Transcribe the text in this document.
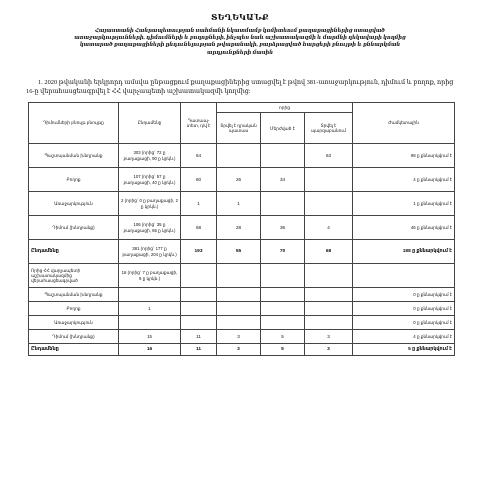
ՏԵՂԵԿԱՆՔ
Հայաստանի Հանրապետության սահմանի նկատմամբ կոմիտեում քաղաքացիներից ստացված առաջարկությունների, դիմումների և բողոքների, ինչպես նաև աշխատակազմի և մարմնի ղեկավարի կողմից կատարած քաղաքացիների ընդունելության թվաքանակի, բարձրացված հարցերի բնույթի և քննարկման արդյունքների մասին
1. 2020 թվականի երկրորդ ամսվա ընթացքում քաղաքացիներից ստացվել է թվով 381-առաջարկություն, դիմում և բողոք, որից 16-ը վերահասցեագրվել է ՀՀ վարչապետի աշխատակազմի կողմից:
Դիմումների բնույթ բնույթը	Ընդամենը	Դատապ-տետ, դ/վ է	որից			Ժամկետային
			Տրվել է դրական պատաս	Մերժված է	Տրվել է պարզաբանում	
Պաշտպանման խնդրանք	303 (որից` 72 ը բաղաքացի, 90 ը կրկն.)	64			63	98 ը քննարկվում է
Բողոք	107 (որից` 57 ը բաղաքացի, 40 ը կրկն.)	60	26	34		4 ը քննարկվում է
Առաջարկություն	2 (որից` 0 ը բաղաքացի, 2 ը կրկն.)	1	1			1 ը քննարկվում է
Դիմում (խնդրանք)	106 (որից` 35 ը բաղաքացի, 65 ը կրկն.)	68	28	36	4	46 ը քննարկվում է
Ընդամենը	381 (որից` 177 ը բաղաքացի, 204 ը կրկն.)	193	55	70	68	188 ը քննարկվում է
Որից ՀՀ վարչապետի աշխատակազմից վերահասցեագրված	16 (որից` 7 ը բաղաքացի, 9 ը կրկն.)					
Պաշտպանման խնդրանք						0 ը քննարկվում է
Բողոք	1					0 ը քննարկվում է
Առաջարկություն						0 ը քննարկվում է
Դիմում (խնդրանք)	15	11	3	5	3	4 ը քննարկվում է
Ընդամենը	16	11	3	5	3	5 ը քննարկվում է
